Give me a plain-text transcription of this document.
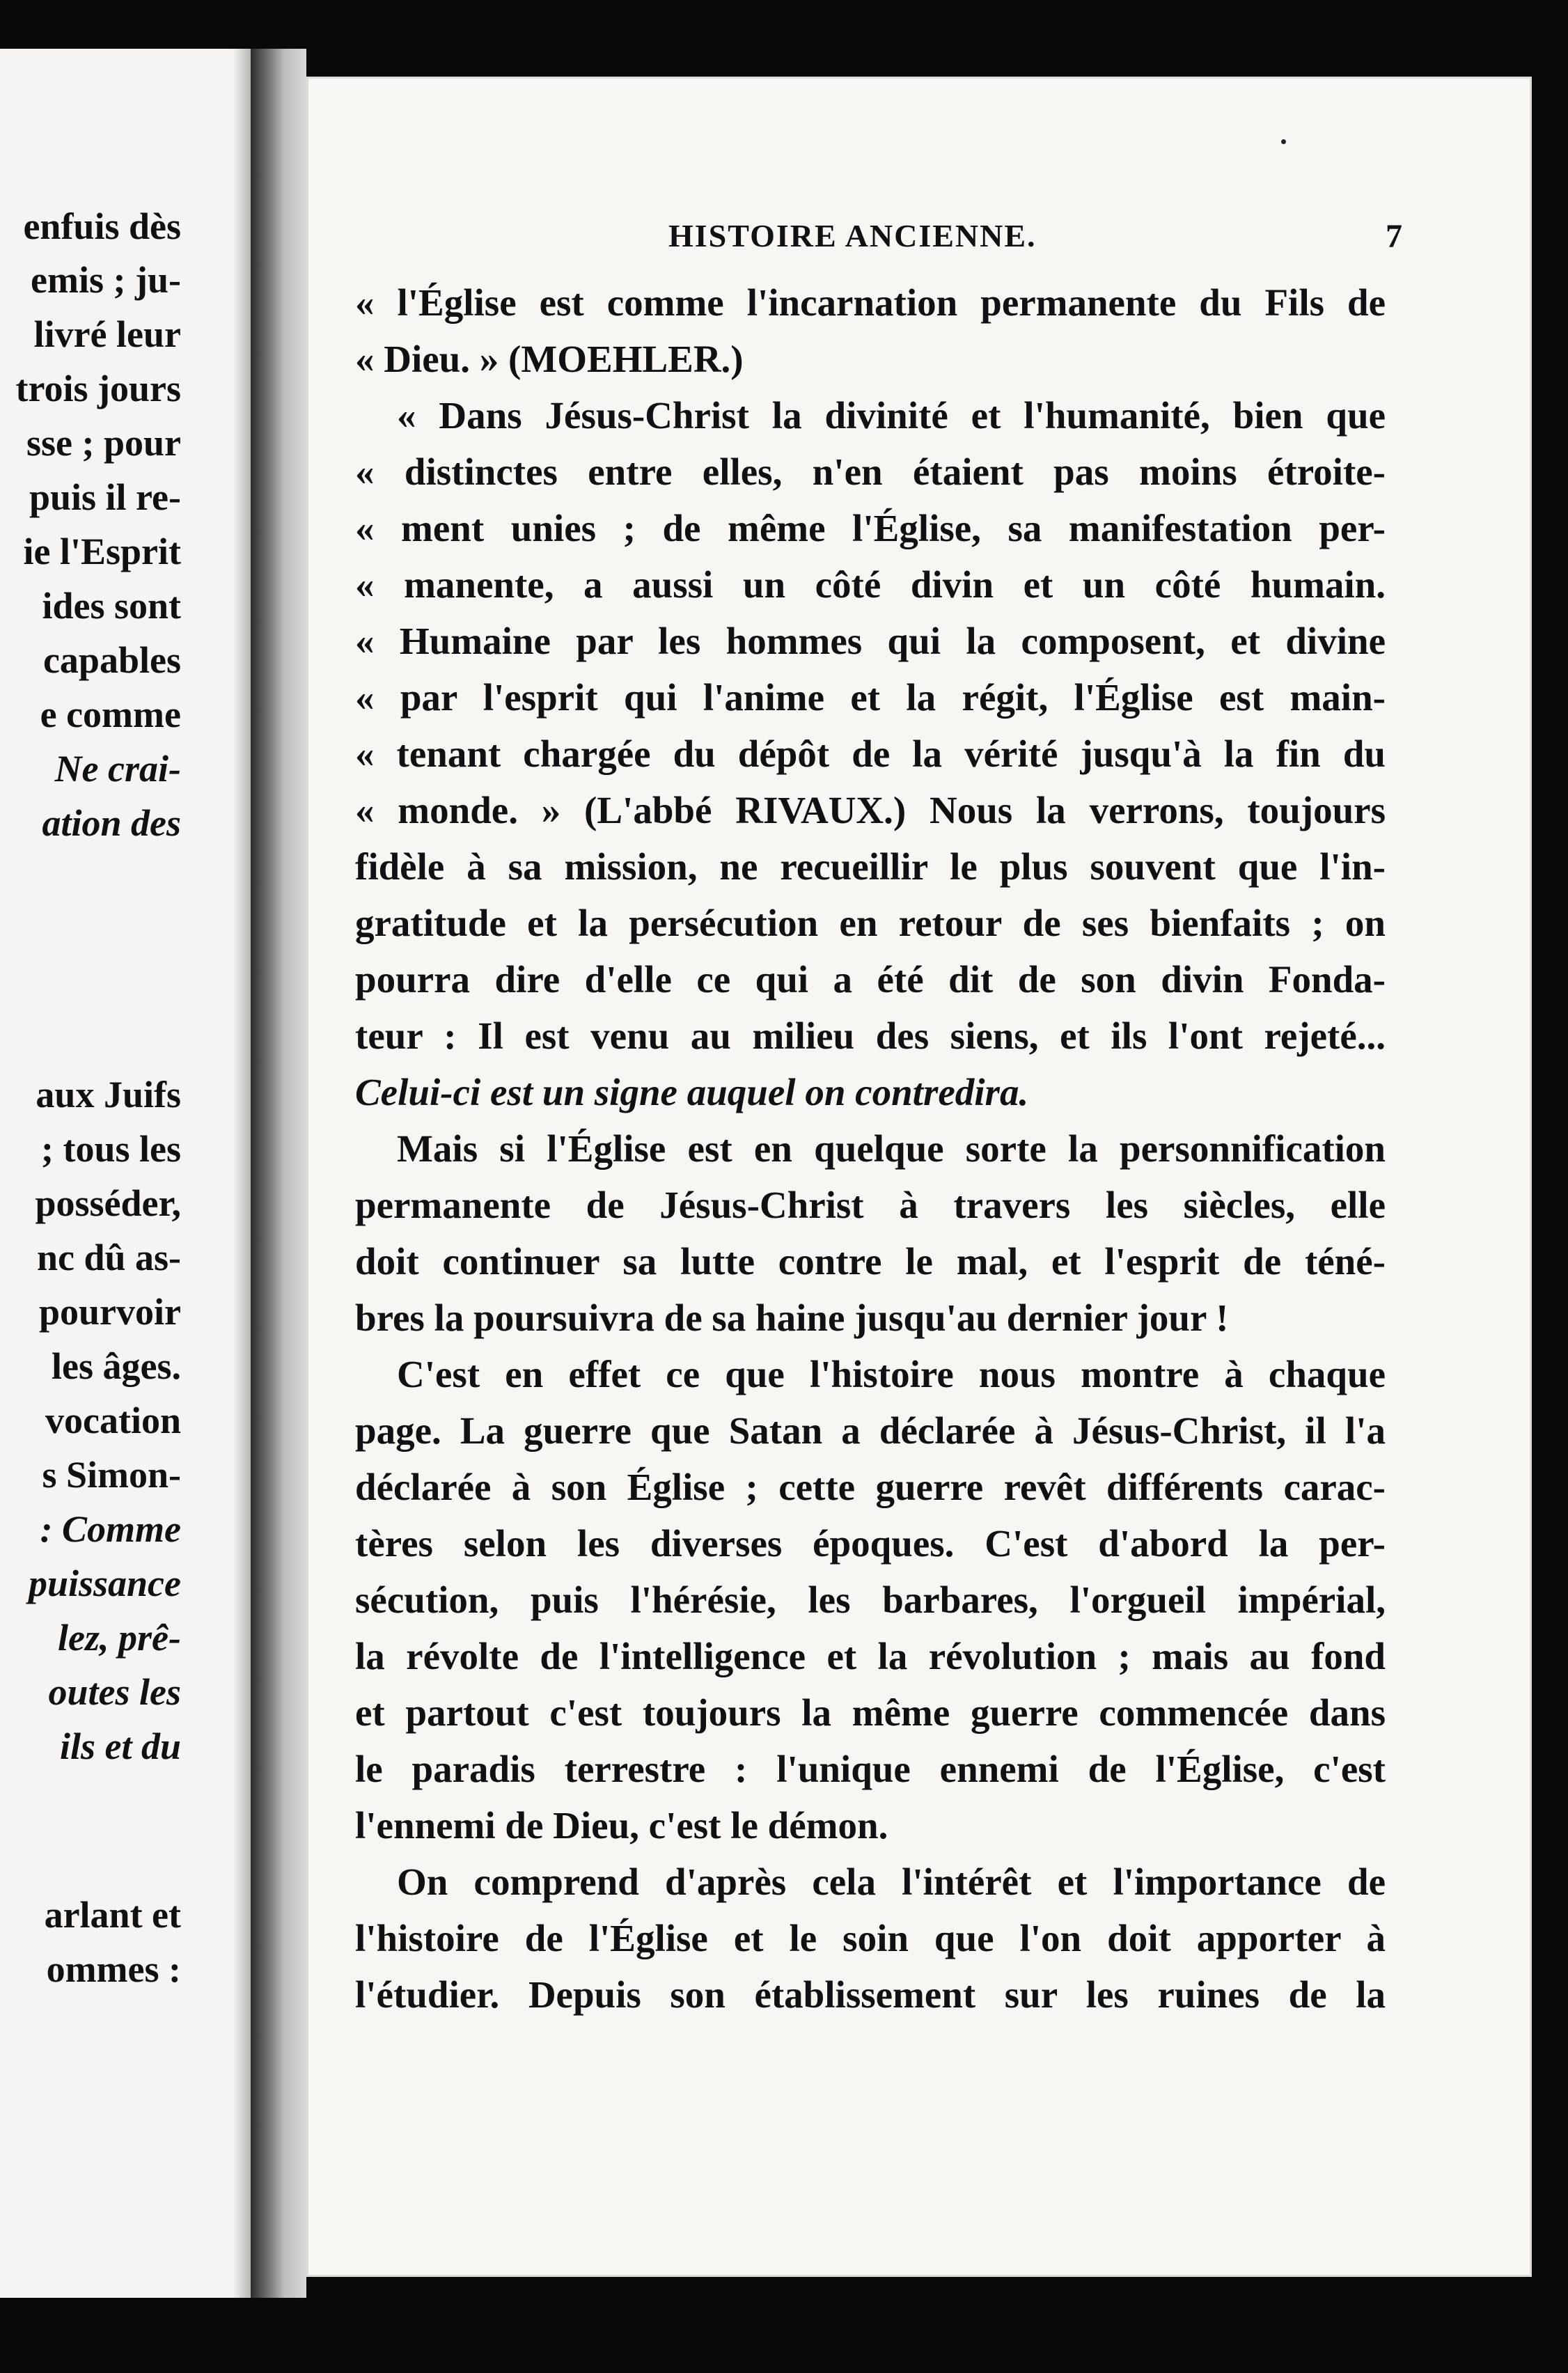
enfuis dès
emis ; ju-
livré leur
trois jours
sse ; pour
puis il re-
ie l'Esprit
ides sont
capables
e comme
Ne crai-
ation des
aux Juifs
; tous les
posséder,
nc dû as-
pourvoir
les âges.
vocation
s Simon-
: Comme
puissance
lez, prê-
outes les
ils et du
arlant et
ommes :
HISTOIRE ANCIENNE.	7
« l'Église est comme l'incarnation permanente du Fils de
« Dieu. » (MOEHLER.)
« Dans Jésus-Christ la divinité et l'humanité, bien que
« distinctes entre elles, n'en étaient pas moins étroite-
« ment unies ; de même l'Église, sa manifestation per-
« manente, a aussi un côté divin et un côté humain.
« Humaine par les hommes qui la composent, et divine
« par l'esprit qui l'anime et la régit, l'Église est main-
« tenant chargée du dépôt de la vérité jusqu'à la fin du
« monde. » (L'abbé RIVAUX.) Nous la verrons, toujours
fidèle à sa mission, ne recueillir le plus souvent que l'in-
gratitude et la persécution en retour de ses bienfaits ; on
pourra dire d'elle ce qui a été dit de son divin Fonda-
teur : Il est venu au milieu des siens, et ils l'ont rejeté...
Celui-ci est un signe auquel on contredira.
Mais si l'Église est en quelque sorte la personnification
permanente de Jésus-Christ à travers les siècles, elle
doit continuer sa lutte contre le mal, et l'esprit de téné-
bres la poursuivra de sa haine jusqu'au dernier jour !
C'est en effet ce que l'histoire nous montre à chaque
page. La guerre que Satan a déclarée à Jésus-Christ, il l'a
déclarée à son Église ; cette guerre revêt différents carac-
tères selon les diverses époques. C'est d'abord la per-
sécution, puis l'hérésie, les barbares, l'orgueil impérial,
la révolte de l'intelligence et la révolution ; mais au fond
et partout c'est toujours la même guerre commencée dans
le paradis terrestre : l'unique ennemi de l'Église, c'est
l'ennemi de Dieu, c'est le démon.
On comprend d'après cela l'intérêt et l'importance de
l'histoire de l'Église et le soin que l'on doit apporter à
l'étudier. Depuis son établissement sur les ruines de la
